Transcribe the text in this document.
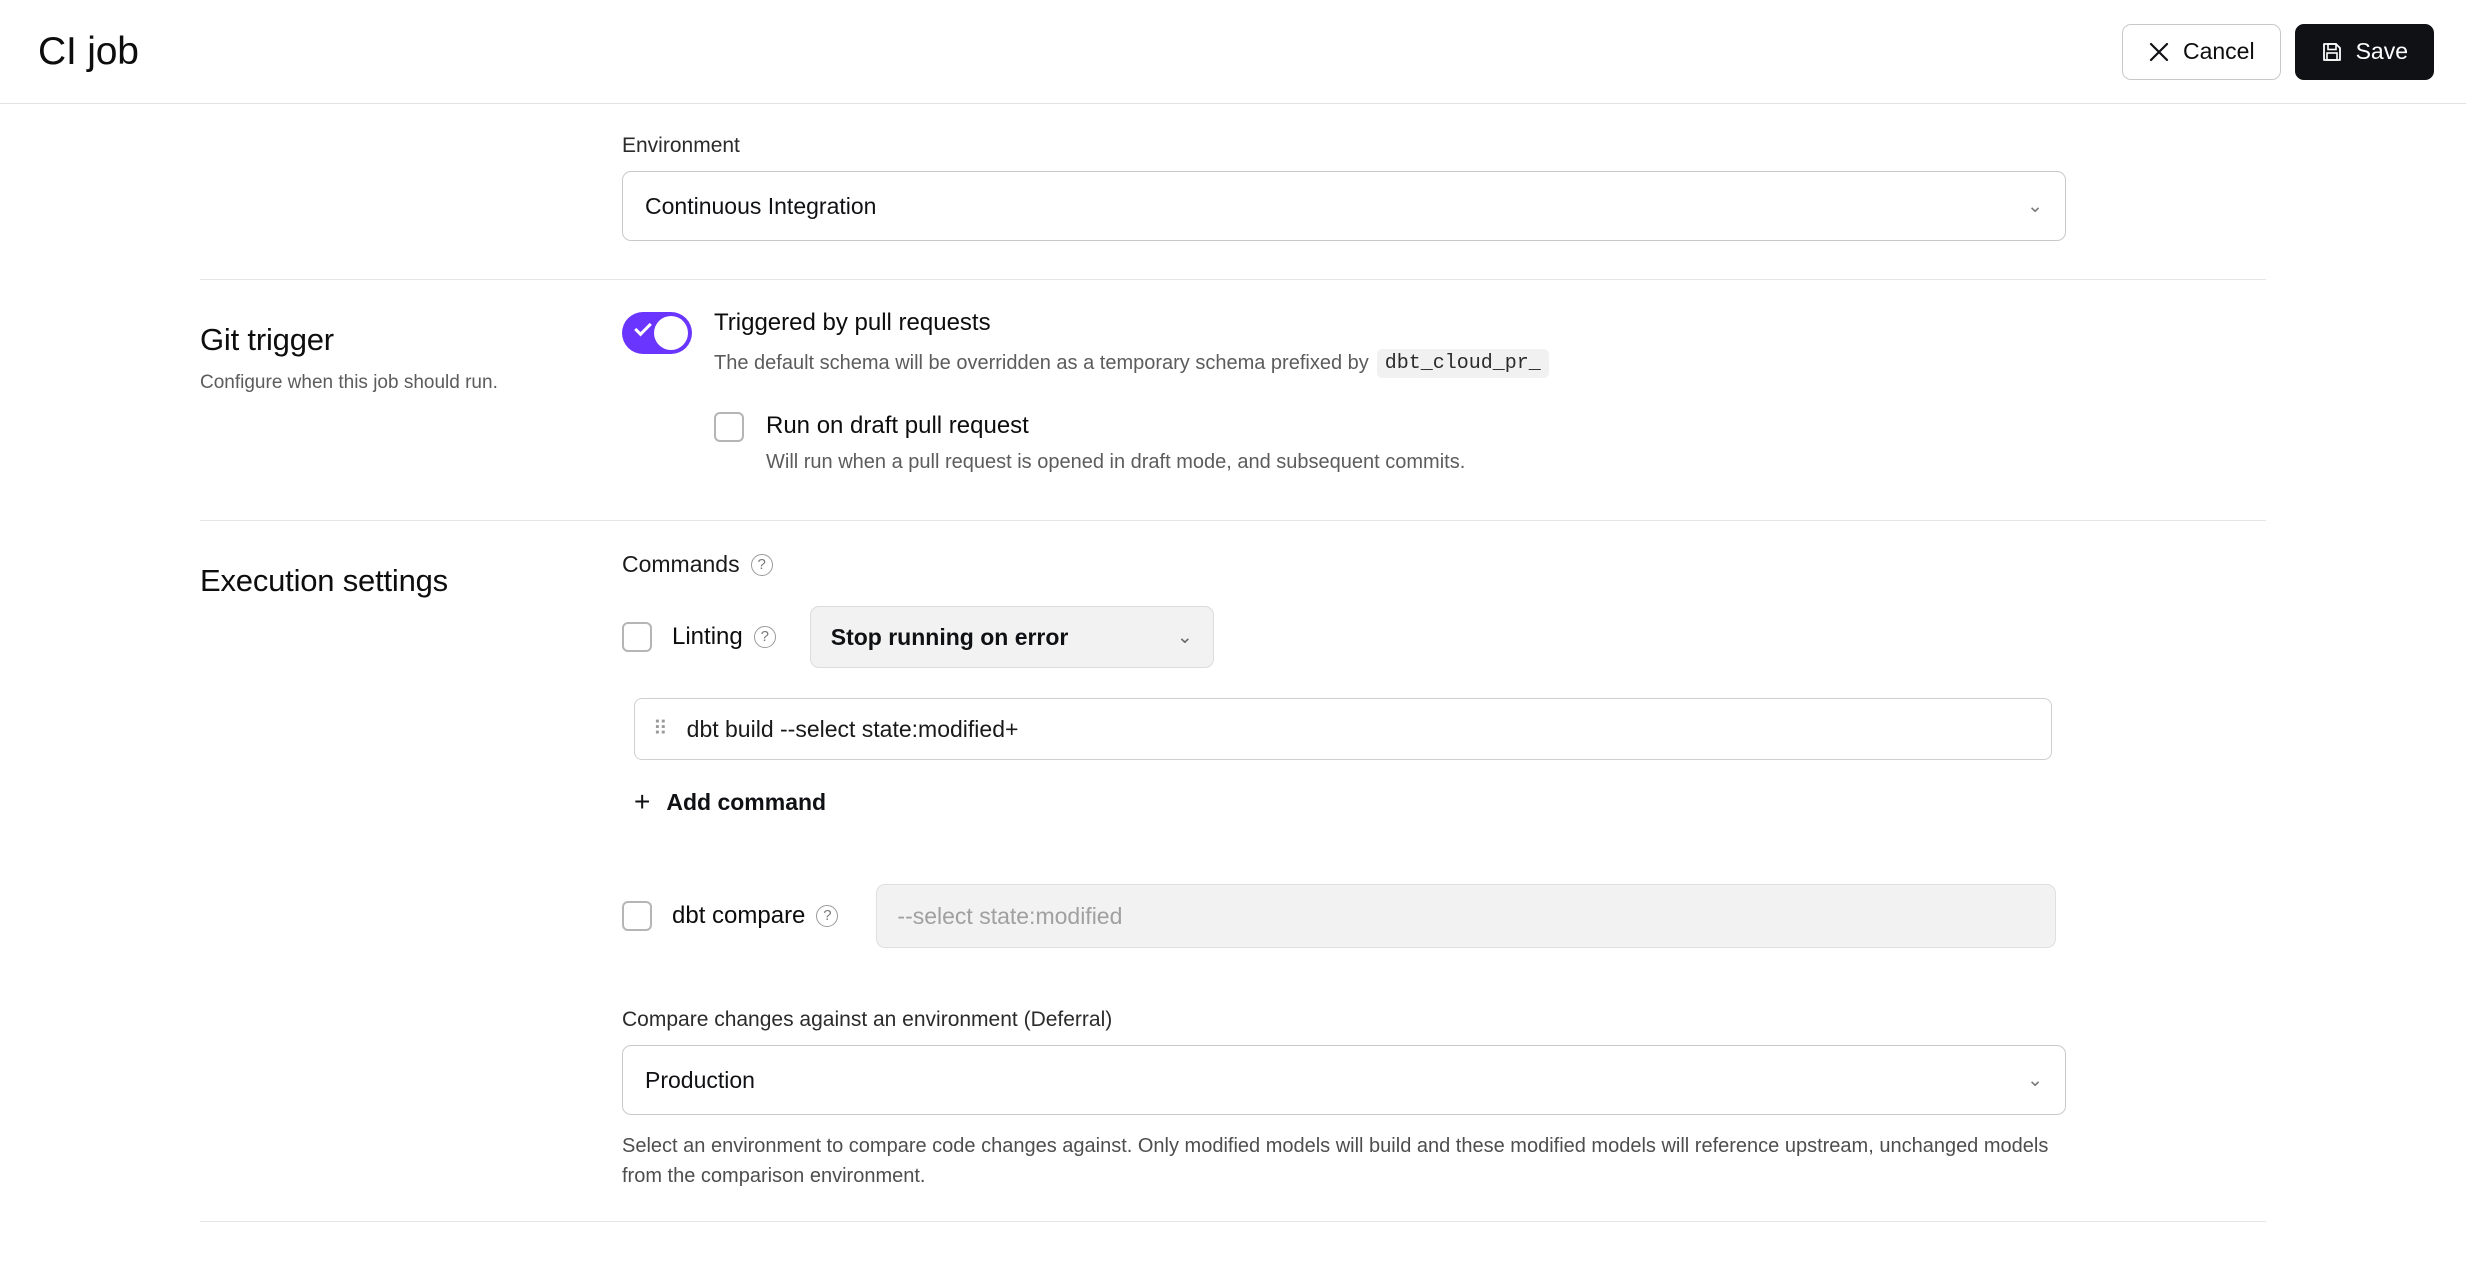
CI job	Cancel	Save
Environment
Continuous Integration	⌄
Git trigger

Configure when this job should run.

Triggered by pull requests
The default schema will be overridden as a temporary schema prefixed by dbt_cloud_pr_
Run on draft pull request
Will run when a pull request is opened in draft mode, and subsequent commits.
Execution settings	Commands	?
Linting	?	Stop running on error	⌄
⠿ dbt build --select state:modified+
+ Add command
dbt compare	?	--select state:modified
Compare changes against an environment (Deferral)
Production	⌄
Select an environment to compare code changes against. Only modified models will build and these modified models will reference upstream, unchanged models from the comparison environment.
